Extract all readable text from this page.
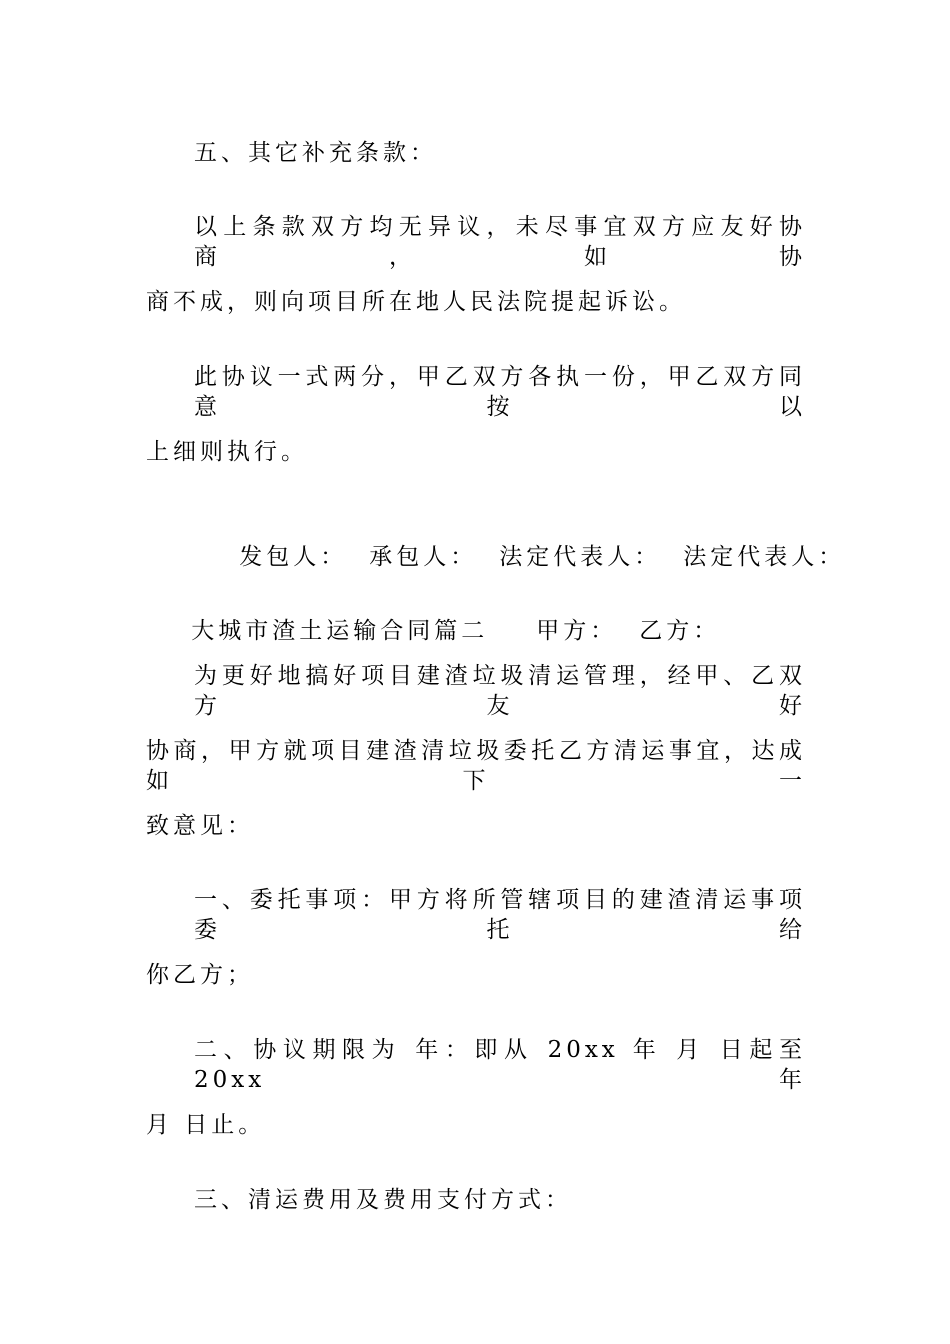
五、其它补充条款：
以上条款双方均无异议，未尽事宜双方应友好协商，如协
商不成，则向项目所在地人民法院提起诉讼。
此协议一式两分，甲乙双方各执一份，甲乙双方同意按以
上细则执行。

发包人： 承包人： 法定代表人： 法定代表人：

大城市渣土运输合同篇二 甲方： 乙方：

为更好地搞好项目建渣垃圾清运管理，经甲、乙双方友好
协商，甲方就项目建渣清垃圾委托乙方清运事宜，达成如下一
致意见：
一、委托事项：甲方将所管辖项目的建渣清运事项委托给
你乙方；
二、协议期限为 年：即从 20xx 年 月 日起至 20xx 年
月 日止。
三、清运费用及费用支付方式：
